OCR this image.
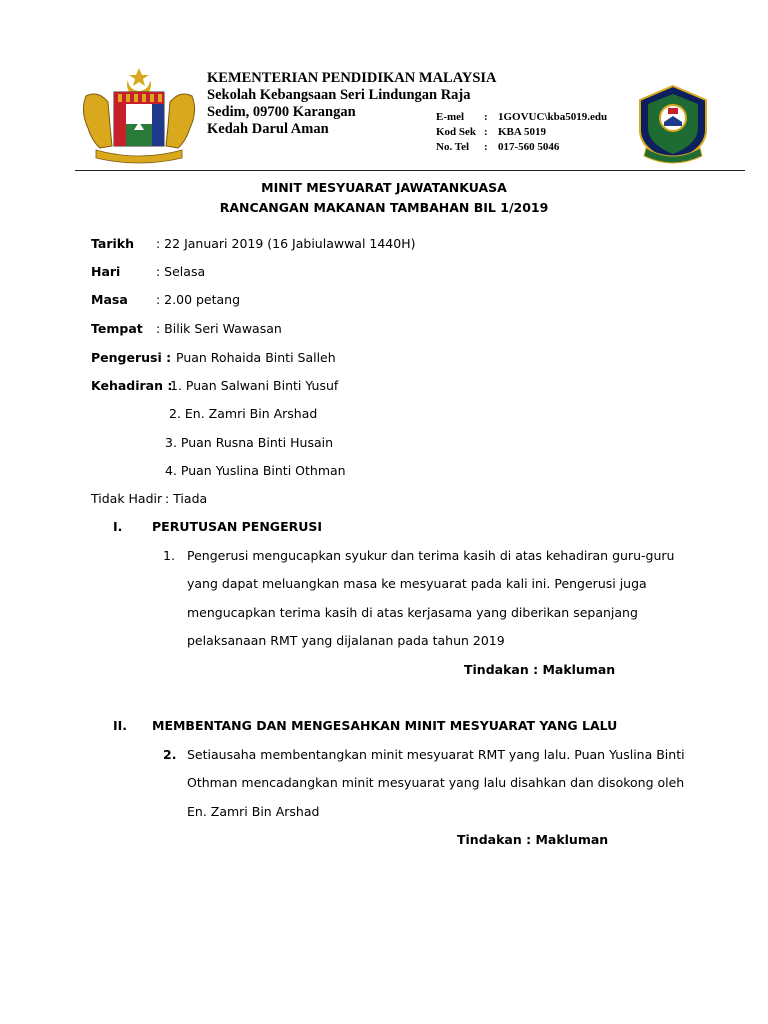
KEMENTERIAN PENDIDIKAN MALAYSIA
Sekolah Kebangsaan Seri Lindungan Raja
Sedim, 09700 Karangan
Kedah Darul Aman
E-mel : 1GOVUC\kba5019.edu
Kod Sek : KBA 5019
No. Tel : 017-560 5046
MINIT MESYUARAT JAWATANKUASA
RANCANGAN MAKANAN TAMBAHAN BIL 1/2019
Tarikh : 22 Januari 2019 (16 Jabiulawwal 1440H)
Hari	: Selasa
Masa : 2.00 petang
Tempat : Bilik Seri Wawasan
Pengerusi : Puan Rohaida Binti Salleh
Kehadiran :
1. Puan Salwani Binti Yusuf
2. En. Zamri Bin Arshad
3. Puan Rusna Binti Husain
4. Puan Yuslina Binti Othman
Tidak Hadir : Tiada
I. PERUTUSAN PENGERUSI
1. Pengerusi mengucapkan syukur dan terima kasih di atas kehadiran guru-guru
yang dapat meluangkan masa ke mesyuarat pada kali ini. Pengerusi juga
mengucapkan terima kasih di atas kerjasama yang diberikan sepanjang
pelaksanaan RMT yang dijalanan pada tahun 2019
Tindakan : Makluman
II. MEMBENTANG DAN MENGESAHKAN MINIT MESYUARAT YANG LALU
2. Setiausaha membentangkan minit mesyuarat RMT yang lalu. Puan Yuslina Binti
Othman mencadangkan minit mesyuarat yang lalu disahkan dan disokong oleh
En. Zamri Bin Arshad
Tindakan : Makluman
